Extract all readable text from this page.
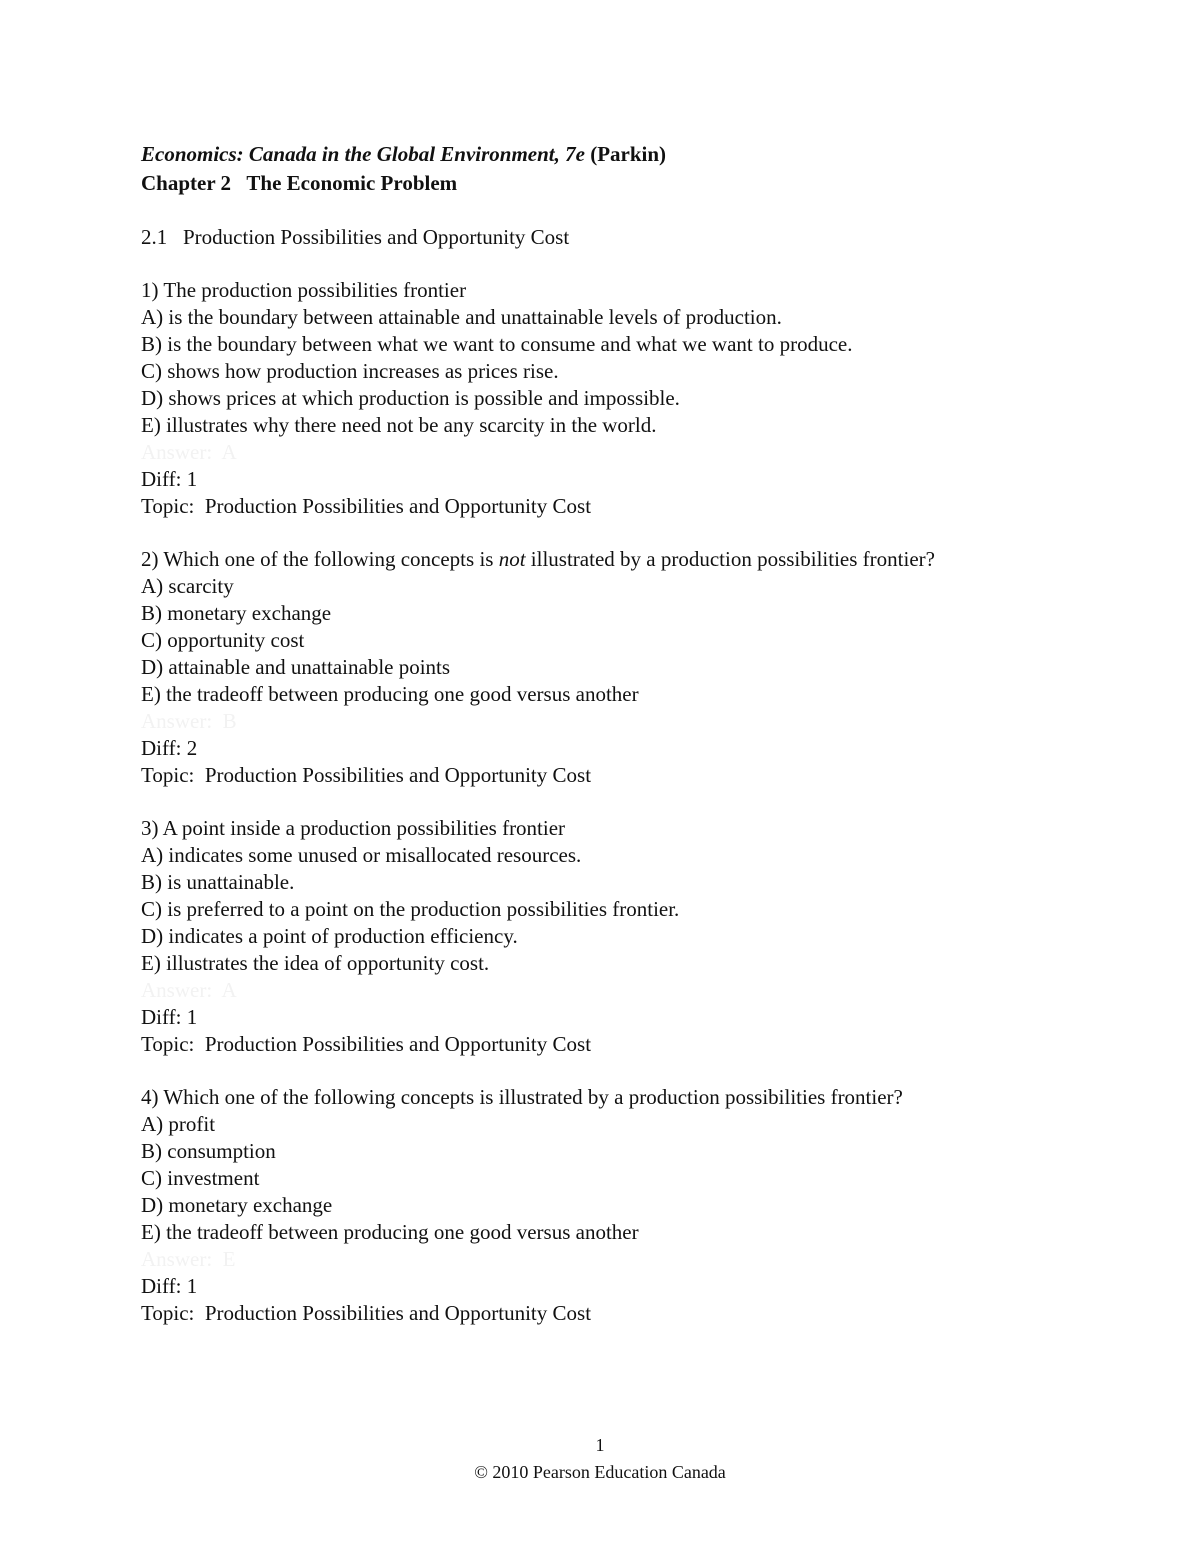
Economics: Canada in the Global Environment, 7e (Parkin)
Chapter 2   The Economic Problem
2.1   Production Possibilities and Opportunity Cost
1) The production possibilities frontier
A) is the boundary between attainable and unattainable levels of production.
B) is the boundary between what we want to consume and what we want to produce.
C) shows how production increases as prices rise.
D) shows prices at which production is possible and impossible.
E) illustrates why there need not be any scarcity in the world.
Answer:  A
Diff: 1
Topic:  Production Possibilities and Opportunity Cost
2) Which one of the following concepts is not illustrated by a production possibilities frontier?
A) scarcity
B) monetary exchange
C) opportunity cost
D) attainable and unattainable points
E) the tradeoff between producing one good versus another
Answer:  B
Diff: 2
Topic:  Production Possibilities and Opportunity Cost
3) A point inside a production possibilities frontier
A) indicates some unused or misallocated resources.
B) is unattainable.
C) is preferred to a point on the production possibilities frontier.
D) indicates a point of production efficiency.
E) illustrates the idea of opportunity cost.
Answer:  A
Diff: 1
Topic:  Production Possibilities and Opportunity Cost
4) Which one of the following concepts is illustrated by a production possibilities frontier?
A) profit
B) consumption
C) investment
D) monetary exchange
E) the tradeoff between producing one good versus another
Answer:  E
Diff: 1
Topic:  Production Possibilities and Opportunity Cost
1
© 2010 Pearson Education Canada
